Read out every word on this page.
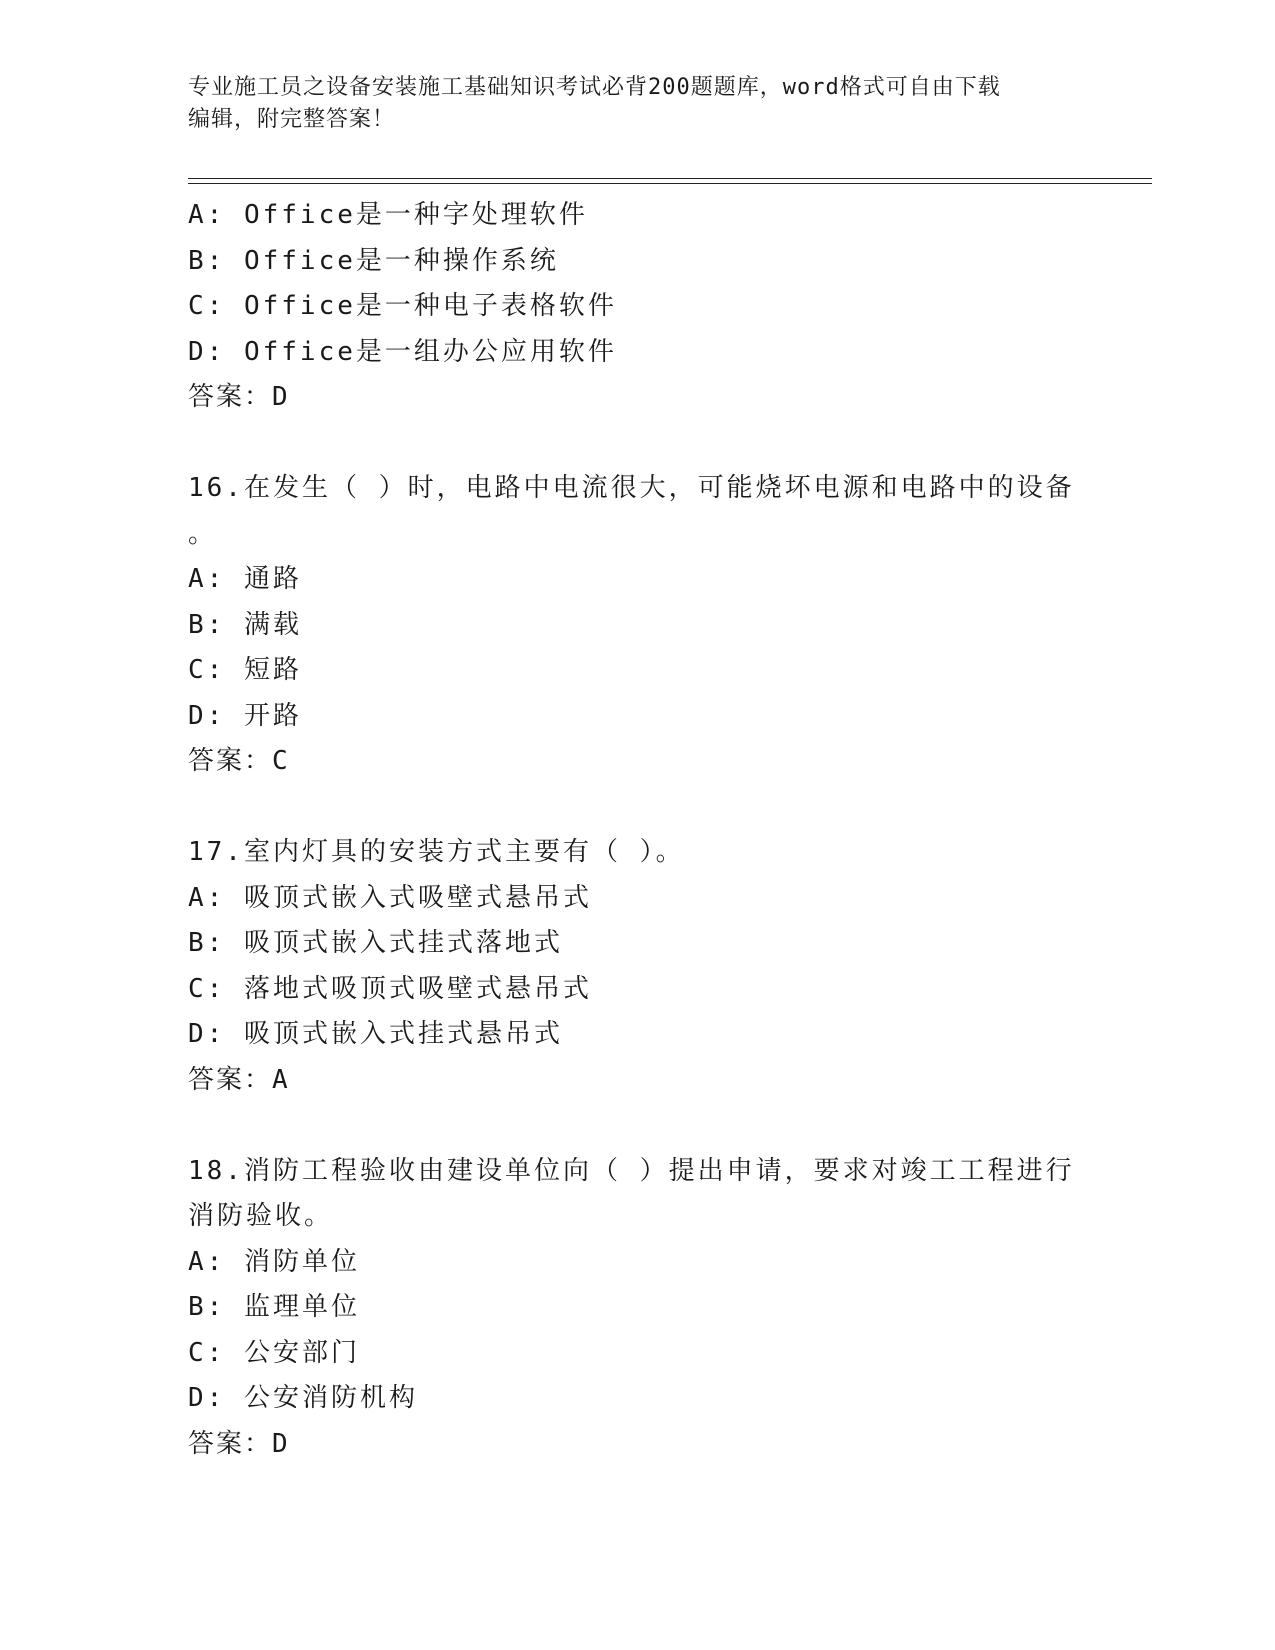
专业施工员之设备安装施工基础知识考试必背200题题库，word格式可自由下载
编辑，附完整答案！
A: Office是一种字处理软件
B: Office是一种操作系统
C: Office是一种电子表格软件
D: Office是一组办公应用软件
答案：D
16.在发生（ ）时，电路中电流很大，可能烧坏电源和电路中的设备
。
A: 通路
B: 满载
C: 短路
D: 开路
答案：C
17.室内灯具的安装方式主要有（ ）。
A: 吸顶式嵌入式吸壁式悬吊式
B: 吸顶式嵌入式挂式落地式
C: 落地式吸顶式吸壁式悬吊式
D: 吸顶式嵌入式挂式悬吊式
答案：A
18.消防工程验收由建设单位向（ ）提出申请，要求对竣工工程进行
消防验收。
A: 消防单位
B: 监理单位
C: 公安部门
D: 公安消防机构
答案：D
